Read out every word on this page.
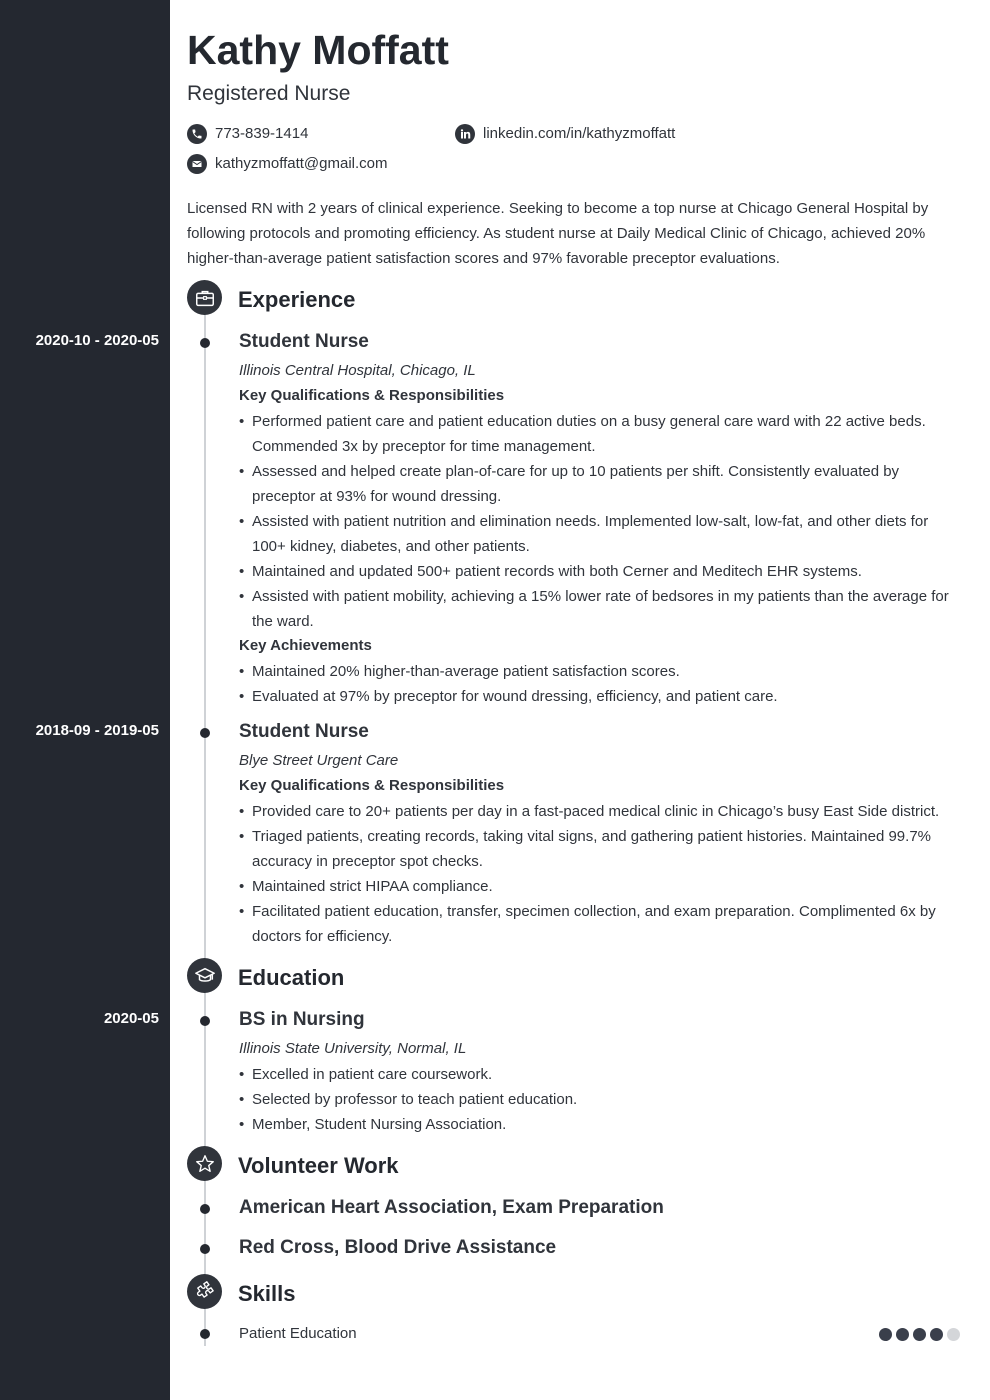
2020-10 - 2020-05
2018-09 - 2019-05
2020-05
Kathy Moffatt
Registered Nurse
773-839-1414	linkedin.com/in/kathyzmoffatt
kathyzmoffatt@gmail.com

Licensed RN with 2 years of clinical experience. Seeking to become a top nurse at Chicago General Hospital by following protocols and promoting efficiency. As student nurse at Daily Medical Clinic of Chicago, achieved 20% higher-than-average patient satisfaction scores and 97% favorable preceptor evaluations.

Experience
Student Nurse
Illinois Central Hospital, Chicago, IL
Key Qualifications & Responsibilities
• Performed patient care and patient education duties on a busy general care ward with 22 active beds. Commended 3x by preceptor for time management.
• Assessed and helped create plan-of-care for up to 10 patients per shift. Consistently evaluated by preceptor at 93% for wound dressing.
• Assisted with patient nutrition and elimination needs. Implemented low-salt, low-fat, and other diets for 100+ kidney, diabetes, and other patients.
• Maintained and updated 500+ patient records with both Cerner and Meditech EHR systems.
• Assisted with patient mobility, achieving a 15% lower rate of bedsores in my patients than the average for the ward.
Key Achievements
• Maintained 20% higher-than-average patient satisfaction scores.
• Evaluated at 97% by preceptor for wound dressing, efficiency, and patient care.
Student Nurse
Blye Street Urgent Care
Key Qualifications & Responsibilities
• Provided care to 20+ patients per day in a fast-paced medical clinic in Chicago’s busy East Side district.
• Triaged patients, creating records, taking vital signs, and gathering patient histories. Maintained 99.7% accuracy in preceptor spot checks.
• Maintained strict HIPAA compliance.
• Facilitated patient education, transfer, specimen collection, and exam preparation. Complimented 6x by doctors for efficiency.
Education
BS in Nursing
Illinois State University, Normal, IL
• Excelled in patient care coursework.
• Selected by professor to teach patient education.
• Member, Student Nursing Association.
Volunteer Work
American Heart Association, Exam Preparation
Red Cross, Blood Drive Assistance
Skills
Patient Education
